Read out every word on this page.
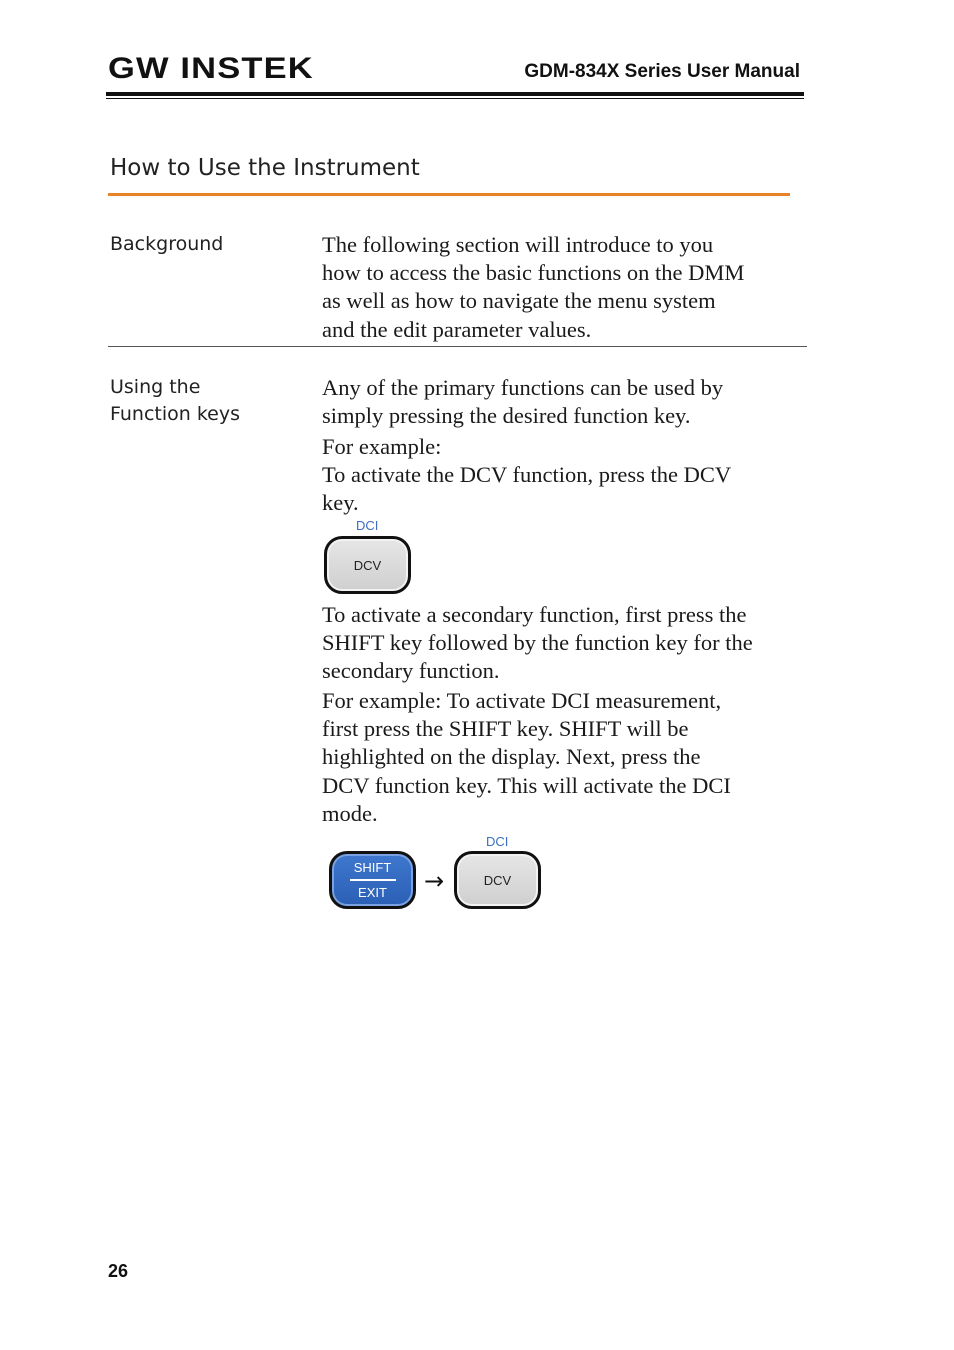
GW INSTEK	GDM-834X Series User Manual
How to Use the Instrument
Background	The following section will introduce to you
how to access the basic functions on the DMM
as well as how to navigate the menu system
and the edit parameter values.
Using the
Function keys
Any of the primary functions can be used by
simply pressing the desired function key.
For example:
To activate the DCV function, press the DCV
key.
DCI
DCV
To activate a secondary function, first press the
SHIFT key followed by the function key for the
secondary function.
For example: To activate DCI measurement,
first press the SHIFT key. SHIFT will be
highlighted on the display. Next, press the
DCV function key. This will activate the DCI
mode.
SHIFT
EXIT →
DCI
DCV
26
